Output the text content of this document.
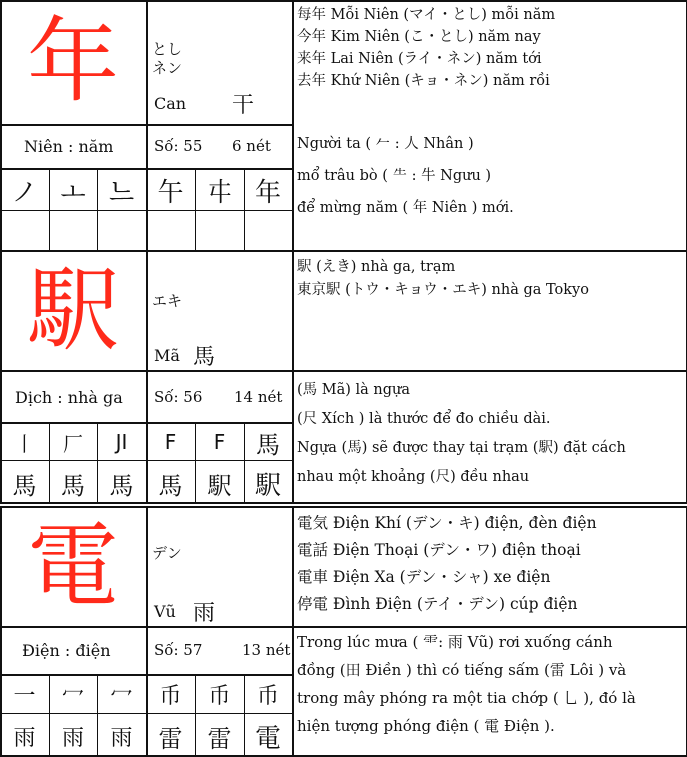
年

	とし
ネン

Can 干
Niên : năm	Số: 55 6 nét
ノ ㅗ 느 午 㐄 年
每年 Mỗi Niên (マイ・とし) mỗi năm
今年 Kim Niên (こ・とし) năm nay
来年 Lai Niên (ライ・ネン) năm tới
去年 Khứ Niên (キョ・ネン) năm rồi
Người ta ( 𠂉 : 人 Nhân )
mổ trâu bò ( ⺧ : 牛 Ngưu )
để mừng năm ( 年 Niên ) mới.
駅

	エキ

Mã 馬
Dịch : nhà ga Số: 56 14 nét
丨	厂	JI	F	F	馬
馬	馬	馬	馬	駅 駅
駅 (えき) nhà ga, trạm
東京駅 (トウ・キョウ・エキ) nhà ga Tokyo
(馬 Mã) là ngựa
(尺 Xích ) là thước để đo chiều dài.
Ngựa (馬) sẽ được thay tại trạm (駅) đặt cách
nhau một khoảng (尺) đều nhau
電

	デン

Vũ 雨
Điện : điện	Số: 57	13 nét
一	冖	冖	币	币	币
雨	雨	雨	雷	雷 電
電気 Điện Khí (デン・キ) điện, đèn điện
電話 Điện Thoại (デン・ワ) điện thoại
電車 Điện Xa (デン・シャ) xe điện
停電 Đình Điện (テイ・デン) cúp điện
Trong lúc mưa ( ⻗: 雨 Vũ) rơi xuống cánh
đồng (田 Điền ) thì có tiếng sấm (雷 Lôi ) và
trong mây phóng ra một tia chớp ( 乚 ), đó là
hiện tượng phóng điện ( 電 Điện ).
